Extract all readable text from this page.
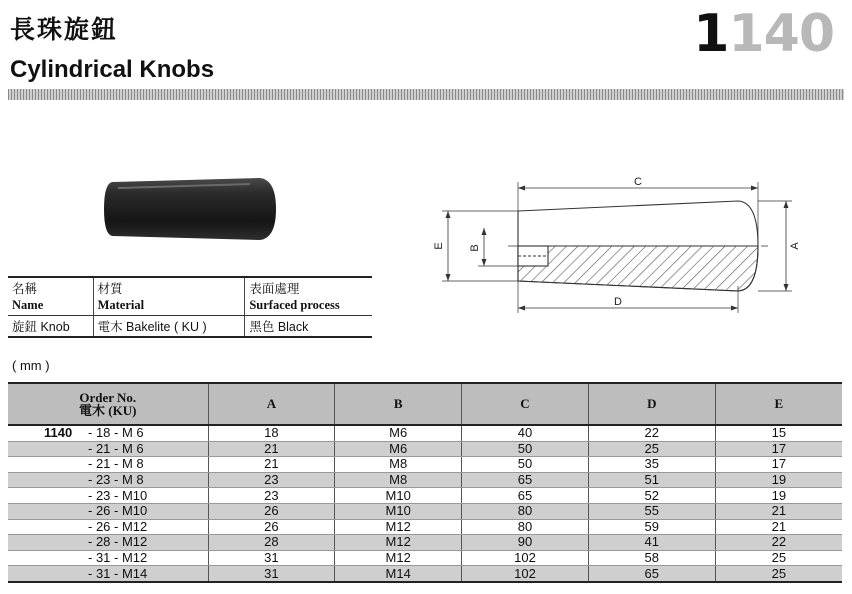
長珠旋鈕
Cylindrical Knobs
1140
名稱	材質	表面處理
Name	Material	Surfaced process
旋鈕 Knob	電木 Bakelite ( KU )	黑色 Black
C
D
E B	A
( mm )
Order No.
電木 (KU)	A	B	C	D	E
1140 - 18 - M 6	18	M6	40	22	15
- 21 - M 6	21	M6	50	25	17
- 21 - M 8	21	M8	50	35	17
- 23 - M 8	23	M8	65	51	19
- 23 - M10	23	M10	65	52	19
- 26 - M10	26	M10	80	55	21
- 26 - M12	26	M12	80	59	21
- 28 - M12	28	M12	90	41	22
- 31 - M12	31	M12	102	58	25
- 31 - M14	31	M14	102	65	25
